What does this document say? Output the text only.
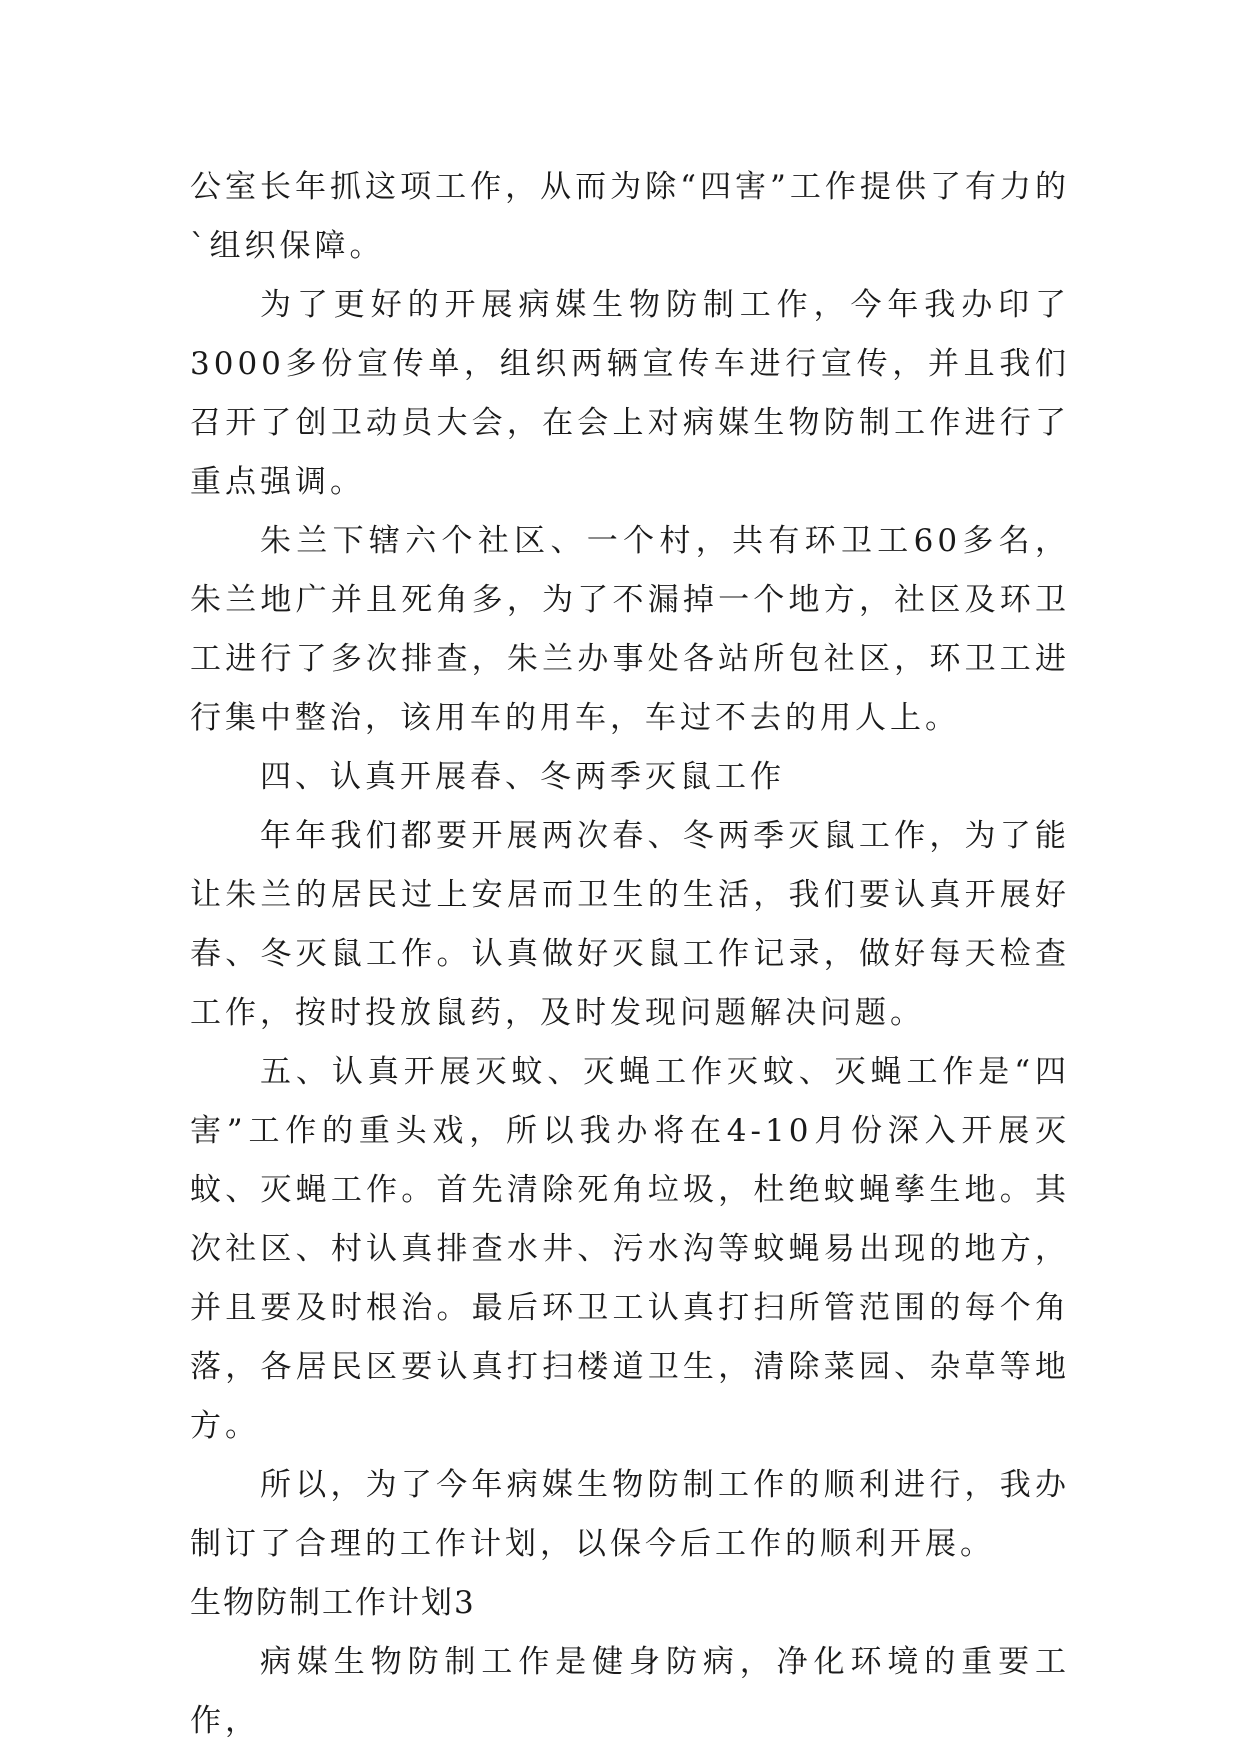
公室长年抓这项工作，从而为除“四害”工作提供了有力的`组织保障。

为了更好的开展病媒生物防制工作，今年我办印了3000多份宣传单，组织两辆宣传车进行宣传，并且我们召开了创卫动员大会，在会上对病媒生物防制工作进行了重点强调。

朱兰下辖六个社区、一个村，共有环卫工60多名，朱兰地广并且死角多，为了不漏掉一个地方，社区及环卫工进行了多次排查，朱兰办事处各站所包社区，环卫工进行集中整治，该用车的用车，车过不去的用人上。

四、认真开展春、冬两季灭鼠工作

年年我们都要开展两次春、冬两季灭鼠工作，为了能让朱兰的居民过上安居而卫生的生活，我们要认真开展好春、冬灭鼠工作。认真做好灭鼠工作记录，做好每天检查工作，按时投放鼠药，及时发现问题解决问题。

五、认真开展灭蚊、灭蝇工作灭蚊、灭蝇工作是“四害”工作的重头戏，所以我办将在4-10月份深入开展灭蚊、灭蝇工作。首先清除死角垃圾，杜绝蚊蝇孳生地。其次社区、村认真排查水井、污水沟等蚊蝇易出现的地方，并且要及时根治。最后环卫工认真打扫所管范围的每个角落，各居民区要认真打扫楼道卫生，清除菜园、杂草等地方。

所以，为了今年病媒生物防制工作的顺利进行，我办制订了合理的工作计划，以保今后工作的顺利开展。

生物防制工作计划3

病媒生物防制工作是健身防病，净化环境的重要工作，
